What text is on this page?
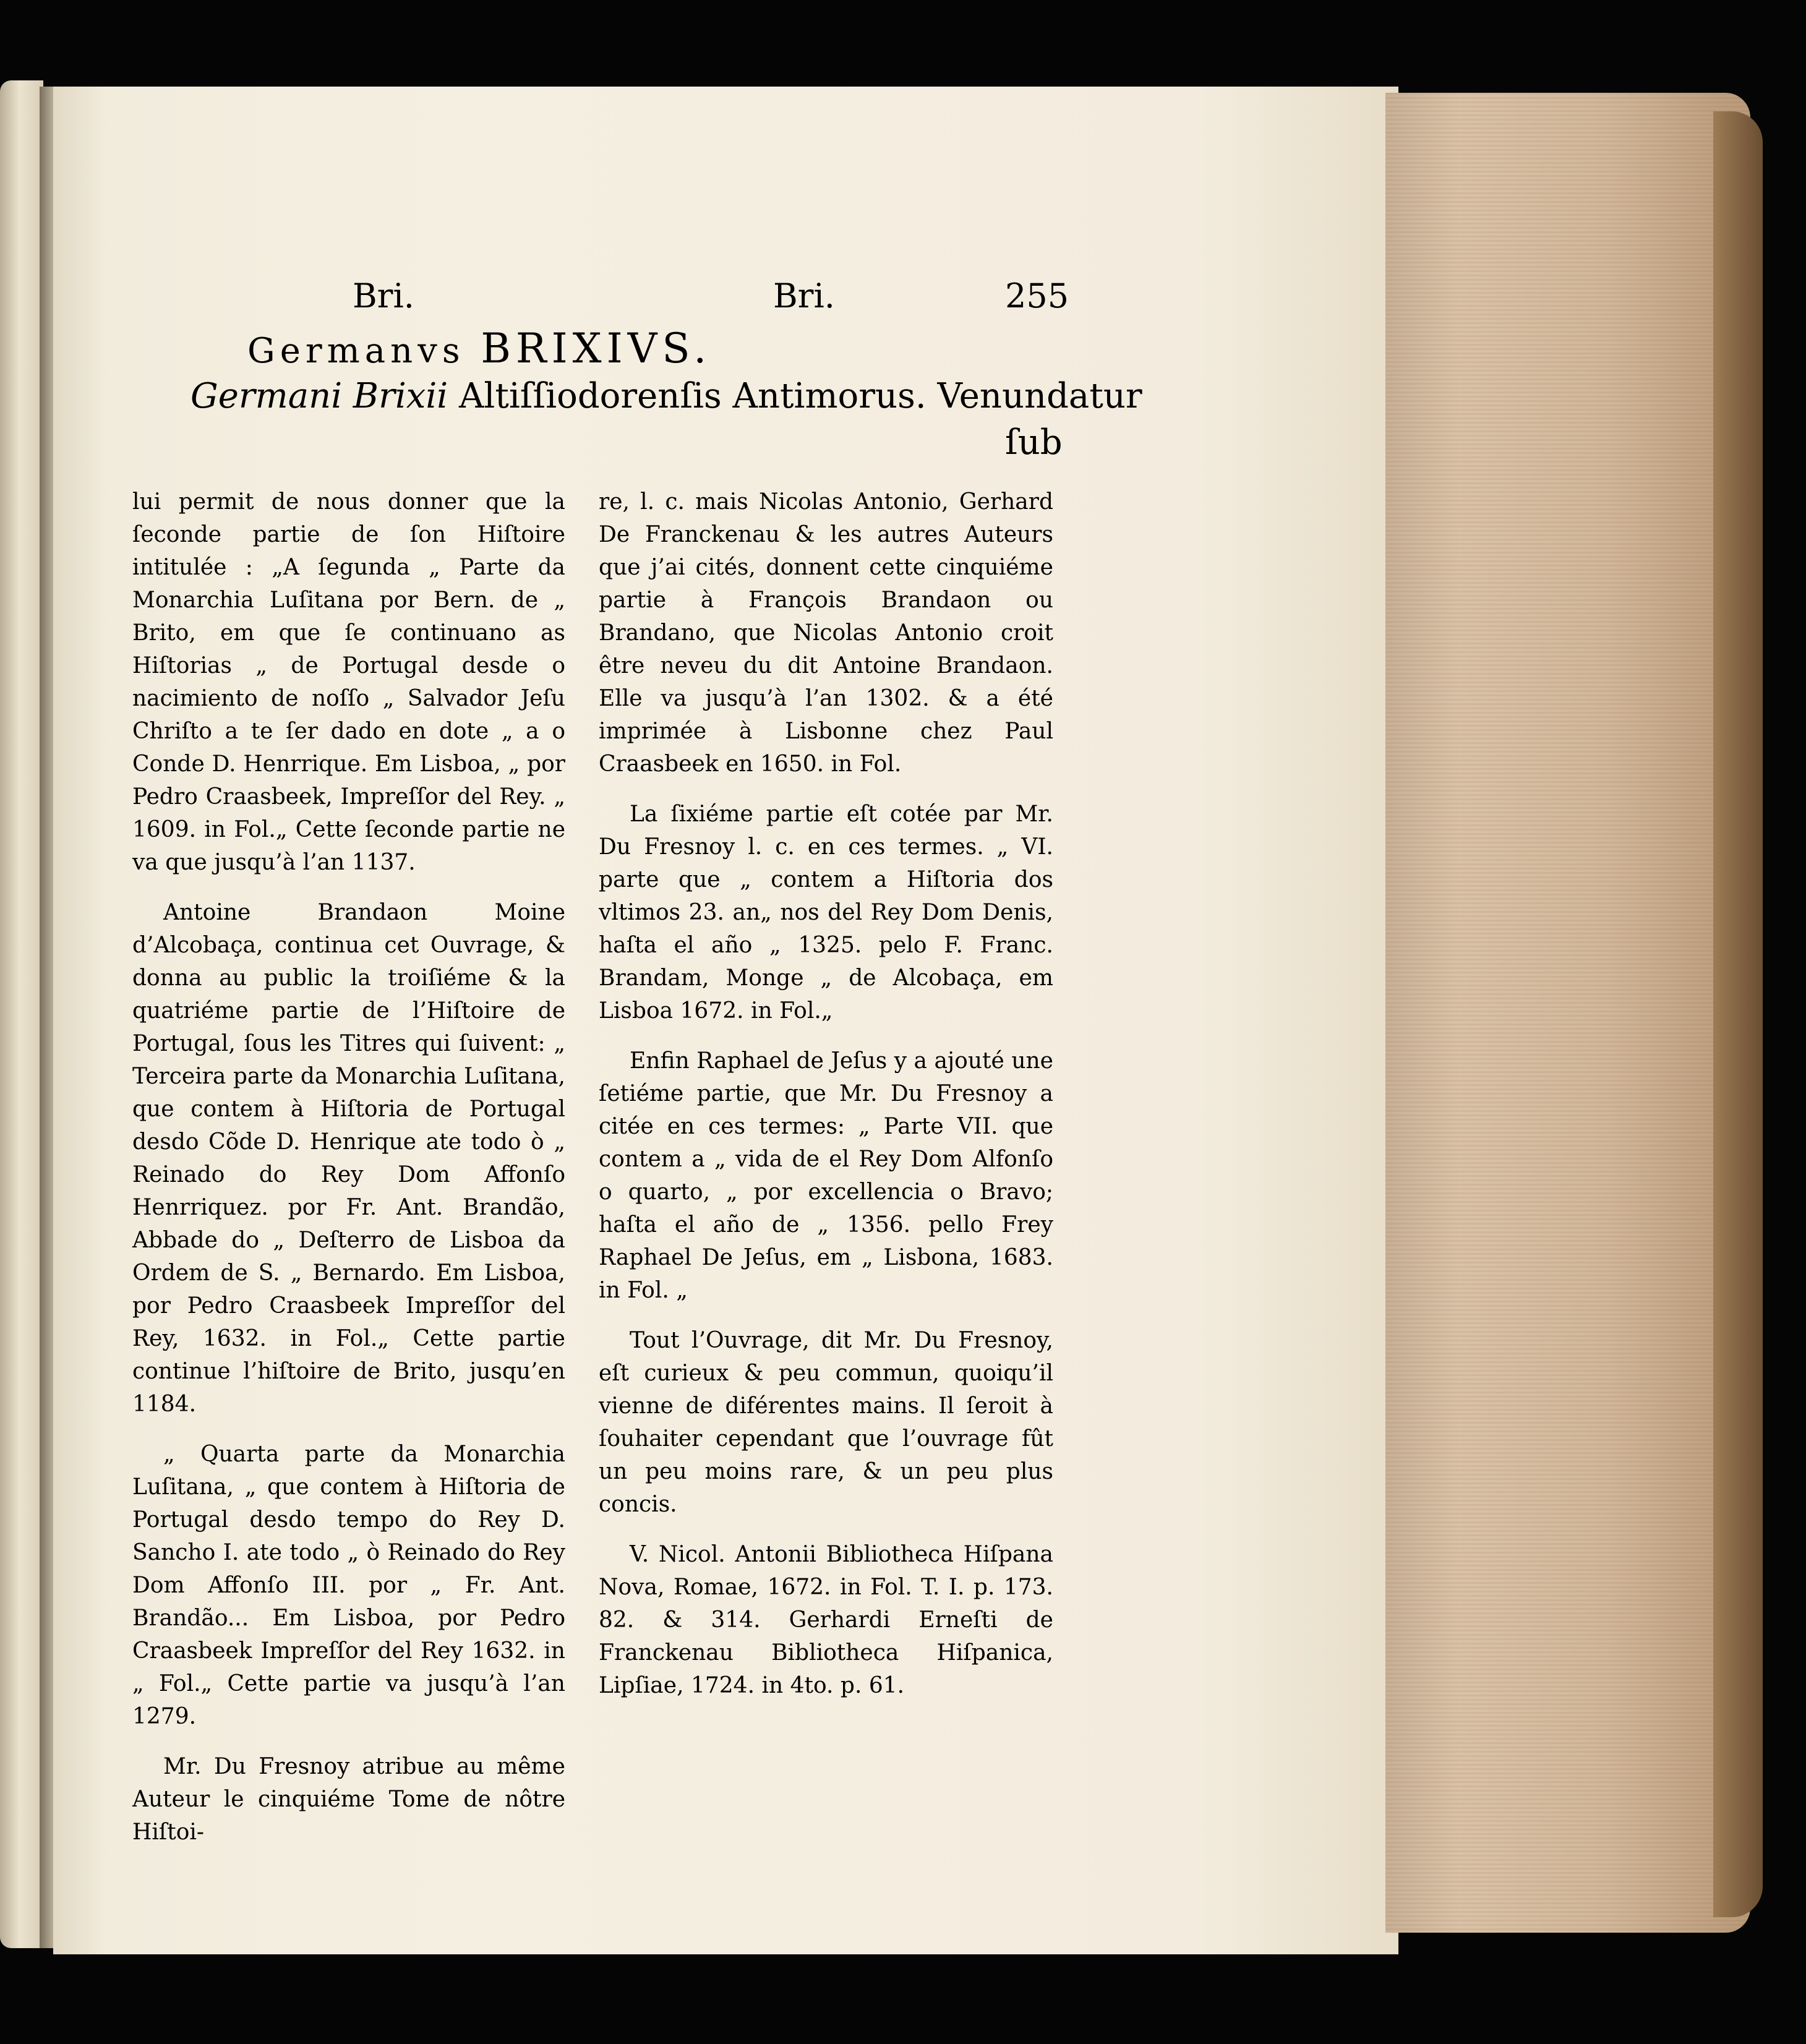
Bri.	Bri.	255
Germanvs BRIXIVS.
Germani Brixii Altiſſiodorenſis Antimorus. Venundatur
ſub

lui permit de nous donner que la ſeconde partie de ſon Hiſtoire intitulée : „A ſegunda „ Parte da Monarchia Luſitana por Bern. de „ Brito, em que ſe continuano as Hiſtorias „ de Portugal desde o nacimiento de noſſo „ Salvador Jeſu Chriſto a te ſer dado en dote „ a o Conde D. Henrrique. Em Lisboa, „ por Pedro Craasbeek, Impreſſor del Rey. „ 1609. in Fol.„ Cette ſeconde partie ne va que jusqu’à l’an 1137.

Antoine Brandaon Moine d’Alcobaça, continua cet Ouvrage, & donna au public la troiſiéme & la quatriéme partie de l’Hiſtoire de Portugal, ſous les Titres qui ſuivent: „ Terceira parte da Monarchia Luſitana, que contem à Hiſtoria de Portugal desdo Cõde D. Henrique ate todo ò „ Reinado do Rey Dom Affonſo Henrriquez. por Fr. Ant. Brandão, Abbade do „ Deſterro de Lisboa da Ordem de S. „ Bernardo. Em Lisboa, por Pedro Craasbeek Impreſſor del Rey, 1632. in Fol.„ Cette partie continue l’hiſtoire de Brito, jusqu’en 1184.

„ Quarta parte da Monarchia Luſitana, „ que contem à Hiſtoria de Portugal desdo tempo do Rey D. Sancho I. ate todo „ ò Reinado do Rey Dom Affonſo III. por „ Fr. Ant. Brandão... Em Lisboa, por Pedro Craasbeek Impreſſor del Rey 1632. in „ Fol.„ Cette partie va jusqu’à l’an 1279.

Mr. Du Fresnoy atribue au même Auteur le cinquiéme Tome de nôtre Hiſtoi-

re, l. c. mais Nicolas Antonio, Gerhard De Franckenau & les autres Auteurs que j’ai cités, donnent cette cinquiéme partie à François Brandaon ou Brandano, que Nicolas Antonio croit être neveu du dit Antoine Brandaon. Elle va jusqu’à l’an 1302. & a été imprimée à Lisbonne chez Paul Craasbeek en 1650. in Fol.

La ſixiéme partie eſt cotée par Mr. Du Fresnoy l. c. en ces termes. „ VI. parte que „ contem a Hiſtoria dos vltimos 23. an„ nos del Rey Dom Denis, haſta el año „ 1325. pelo F. Franc. Brandam, Monge „ de Alcobaça, em Lisboa 1672. in Fol.„

Enfin Raphael de Jeſus y a ajouté une ſetiéme partie, que Mr. Du Fresnoy a citée en ces termes: „ Parte VII. que contem a „ vida de el Rey Dom Alfonſo o quarto, „ por excellencia o Bravo; haſta el año de „ 1356. pello Frey Raphael De Jeſus, em „ Lisbona, 1683. in Fol. „

Tout l’Ouvrage, dit Mr. Du Fresnoy, eſt curieux & peu commun, quoiqu’il vienne de diférentes mains. Il ſeroit à ſouhaiter cependant que l’ouvrage fût un peu moins rare, & un peu plus concis.

V. Nicol. Antonii Bibliotheca Hiſpana Nova, Romae, 1672. in Fol. T. I. p. 173. 82. & 314. Gerhardi Erneſti de Franckenau Bibliotheca Hiſpanica, Lipſiae, 1724. in 4to. p. 61.
